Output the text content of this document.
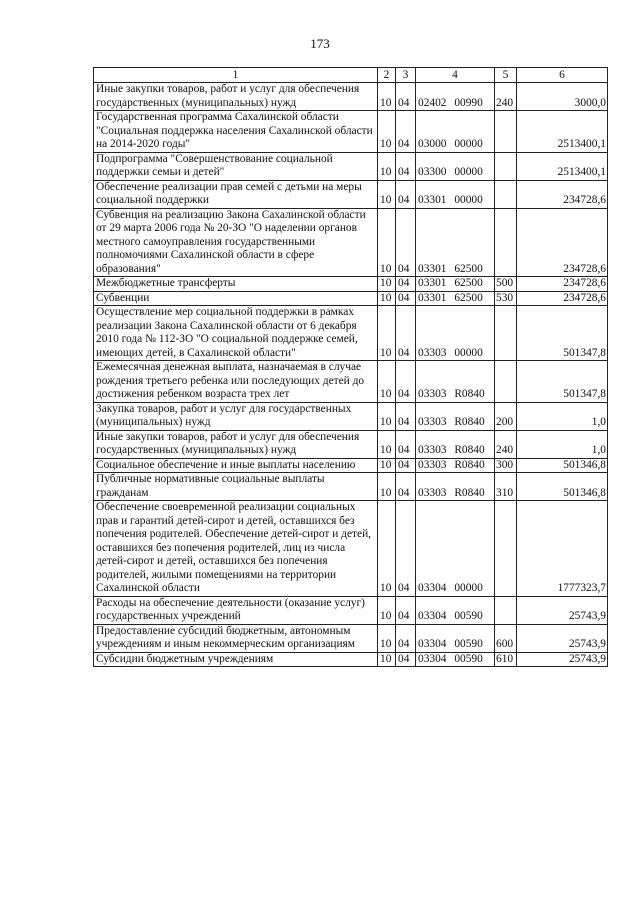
173
1	2	3	4	5	6
Иные закупки товаров, работ и услуг для обеспечения государственных (муниципальных) нужд	10	04	02402 00990	240	3000,0
Государственная программа Сахалинской области "Социальная поддержка населения Сахалинской области на 2014-2020 годы"	10	04	03000 00000		2513400,1
Подпрограмма "Совершенствование социальной поддержки семьи и детей"	10	04	03300 00000		2513400,1
Обеспечение реализации прав семей с детьми на меры социальной поддержки	10	04	03301 00000		234728,6
Субвенция на реализацию Закона Сахалинской области от 29 марта 2006 года № 20-ЗО "О наделении органов местного самоуправления государственными полномочиями Сахалинской области в сфере образования"	10	04	03301 62500		234728,6
Межбюджетные трансферты	10	04	03301 62500	500	234728,6
Субвенции	10	04	03301 62500	530	234728,6
Осуществление мер социальной поддержки в рамках реализации Закона Сахалинской области от 6 декабря 2010 года № 112-ЗО "О социальной поддержке семей, имеющих детей, в Сахалинской области"	10	04	03303 00000		501347,8
Ежемесячная денежная выплата, назначаемая в случае рождения третьего ребенка или последующих детей до достижения ребенком возраста трех лет	10	04	03303 R0840		501347,8
Закупка товаров, работ и услуг для государственных (муниципальных) нужд	10	04	03303 R0840	200	1,0
Иные закупки товаров, работ и услуг для обеспечения государственных (муниципальных) нужд	10	04	03303 R0840	240	1,0
Социальное обеспечение и иные выплаты населению	10	04	03303 R0840	300	501346,8
Публичные нормативные социальные выплаты гражданам	10	04	03303 R0840	310	501346,8
Обеспечение своевременной реализации социальных прав и гарантий детей-сирот и детей, оставшихся без попечения родителей. Обеспечение детей-сирот и детей, оставшихся без попечения родителей, лиц из числа детей-сирот и детей, оставшихся без попечения родителей, жилыми помещениями на территории Сахалинской области	10	04	03304 00000		1777323,7
Расходы на обеспечение деятельности (оказание услуг) государственных учреждений	10	04	03304 00590		25743,9
Предоставление субсидий бюджетным, автономным учреждениям и иным некоммерческим организациям	10	04	03304 00590	600	25743,9
Субсидии бюджетным учреждениям	10	04	03304 00590	610	25743,9
